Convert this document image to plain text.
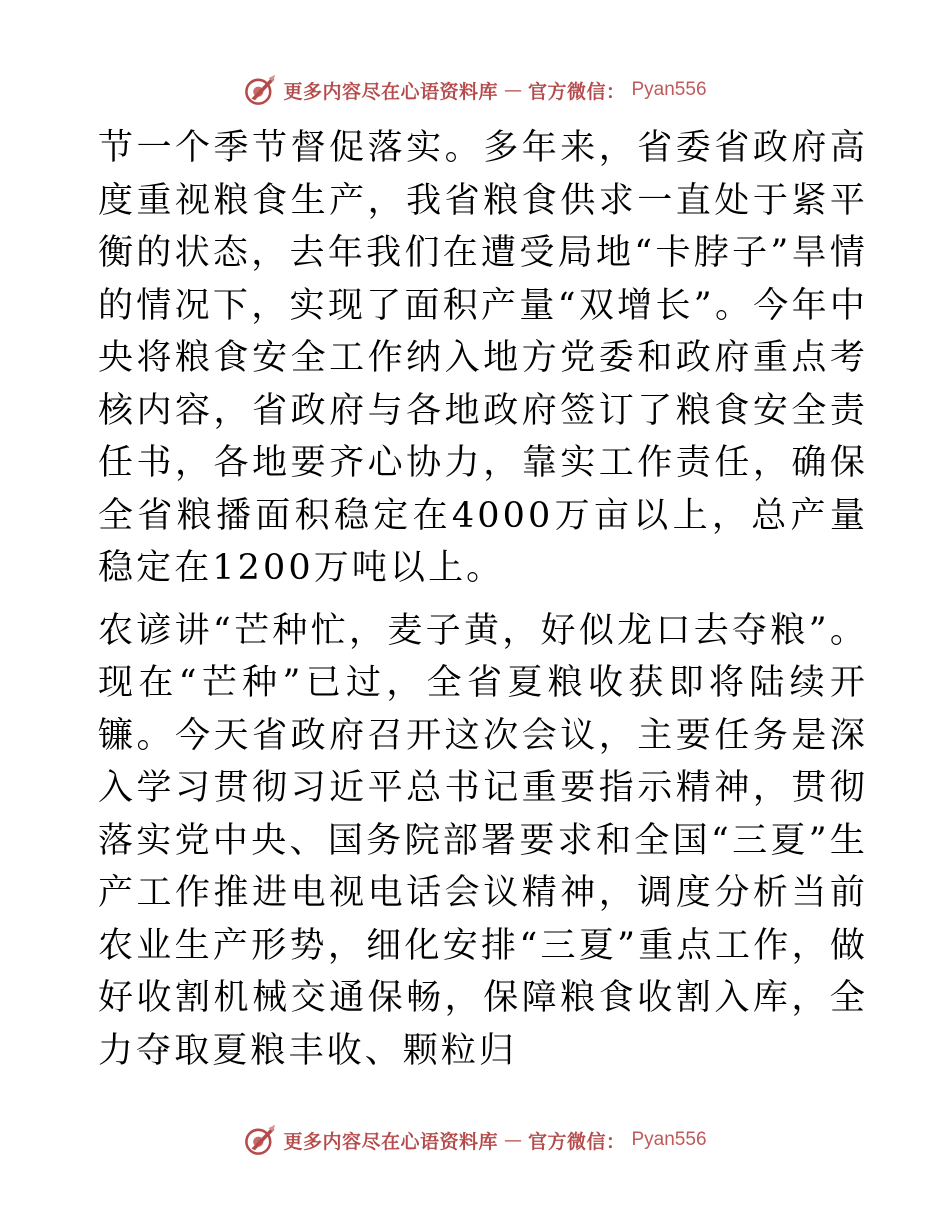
更多内容尽在心语资料库 — 官方微信： Pyan556

节一个季节督促落实。多年来，省委省政府高度重视粮食生产，我省粮食供求一直处于紧平衡的状态，去年我们在遭受局地“卡脖子”旱情的情况下，实现了面积产量“双增长”。今年中央将粮食安全工作纳入地方党委和政府重点考核内容，省政府与各地政府签订了粮食安全责任书，各地要齐心协力，靠实工作责任，确保全省粮播面积稳定在4000万亩以上，总产量稳定在1200万吨以上。

农谚讲“芒种忙，麦子黄，好似龙口去夺粮”。现在“芒种”已过，全省夏粮收获即将陆续开镰。今天省政府召开这次会议，主要任务是深入学习贯彻习近平总书记重要指示精神，贯彻落实党中央、国务院部署要求和全国“三夏”生产工作推进电视电话会议精神，调度分析当前农业生产形势，细化安排“三夏”重点工作，做好收割机械交通保畅，保障粮食收割入库，全力夺取夏粮丰收、颗粒归

更多内容尽在心语资料库 — 官方微信： Pyan556
